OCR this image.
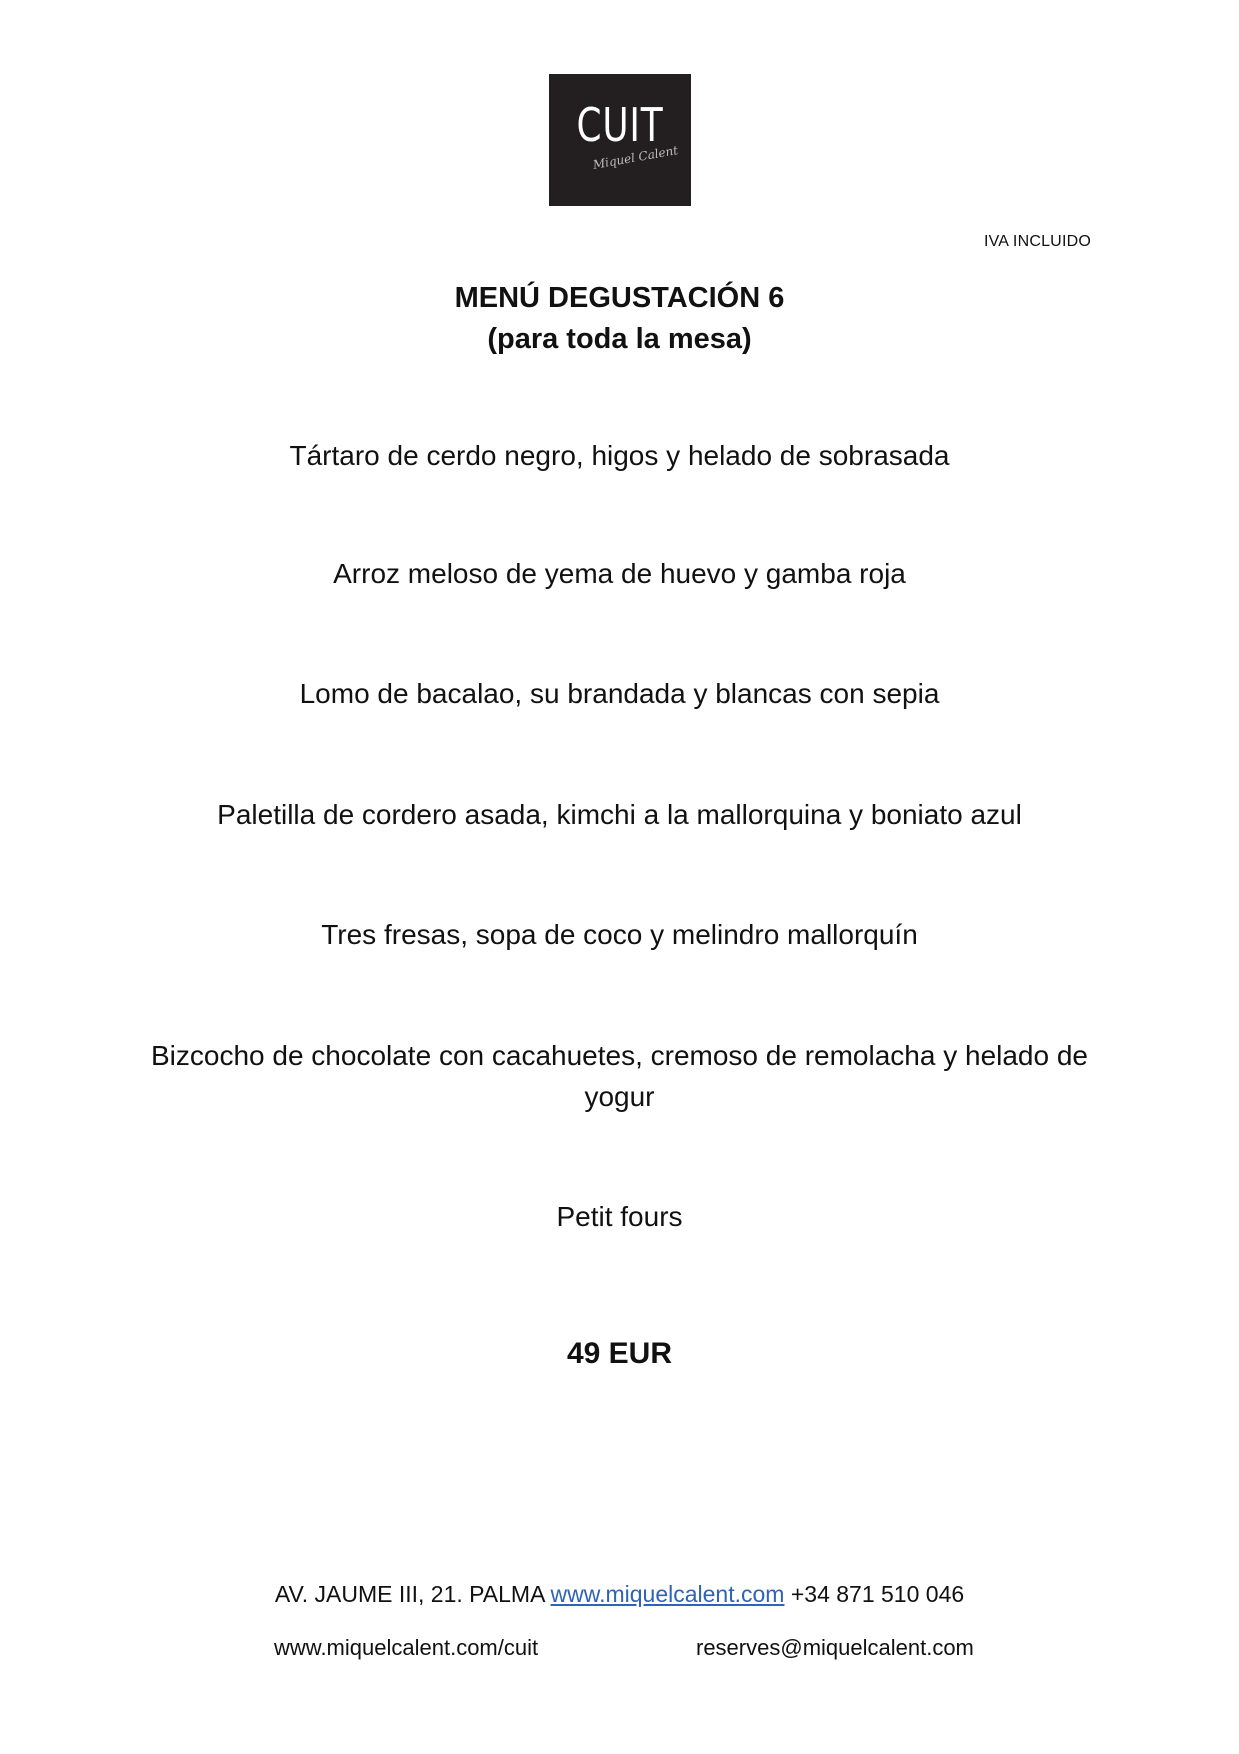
CUIT
Miquel Calent
IVA INCLUIDO
MENÚ DEGUSTACIÓN 6
(para toda la mesa)
Tártaro de cerdo negro, higos y helado de sobrasada
Arroz meloso de yema de huevo y gamba roja
Lomo de bacalao, su brandada y blancas con sepia
Paletilla de cordero asada, kimchi a la mallorquina y boniato azul
Tres fresas, sopa de coco y melindro mallorquín
Bizcocho de chocolate con cacahuetes, cremoso de remolacha y helado de yogur
Petit fours
49 EUR
AV. JAUME III, 21. PALMA www.miquelcalent.com +34 871 510 046
www.miquelcalent.com/cuit	reserves@miquelcalent.com
